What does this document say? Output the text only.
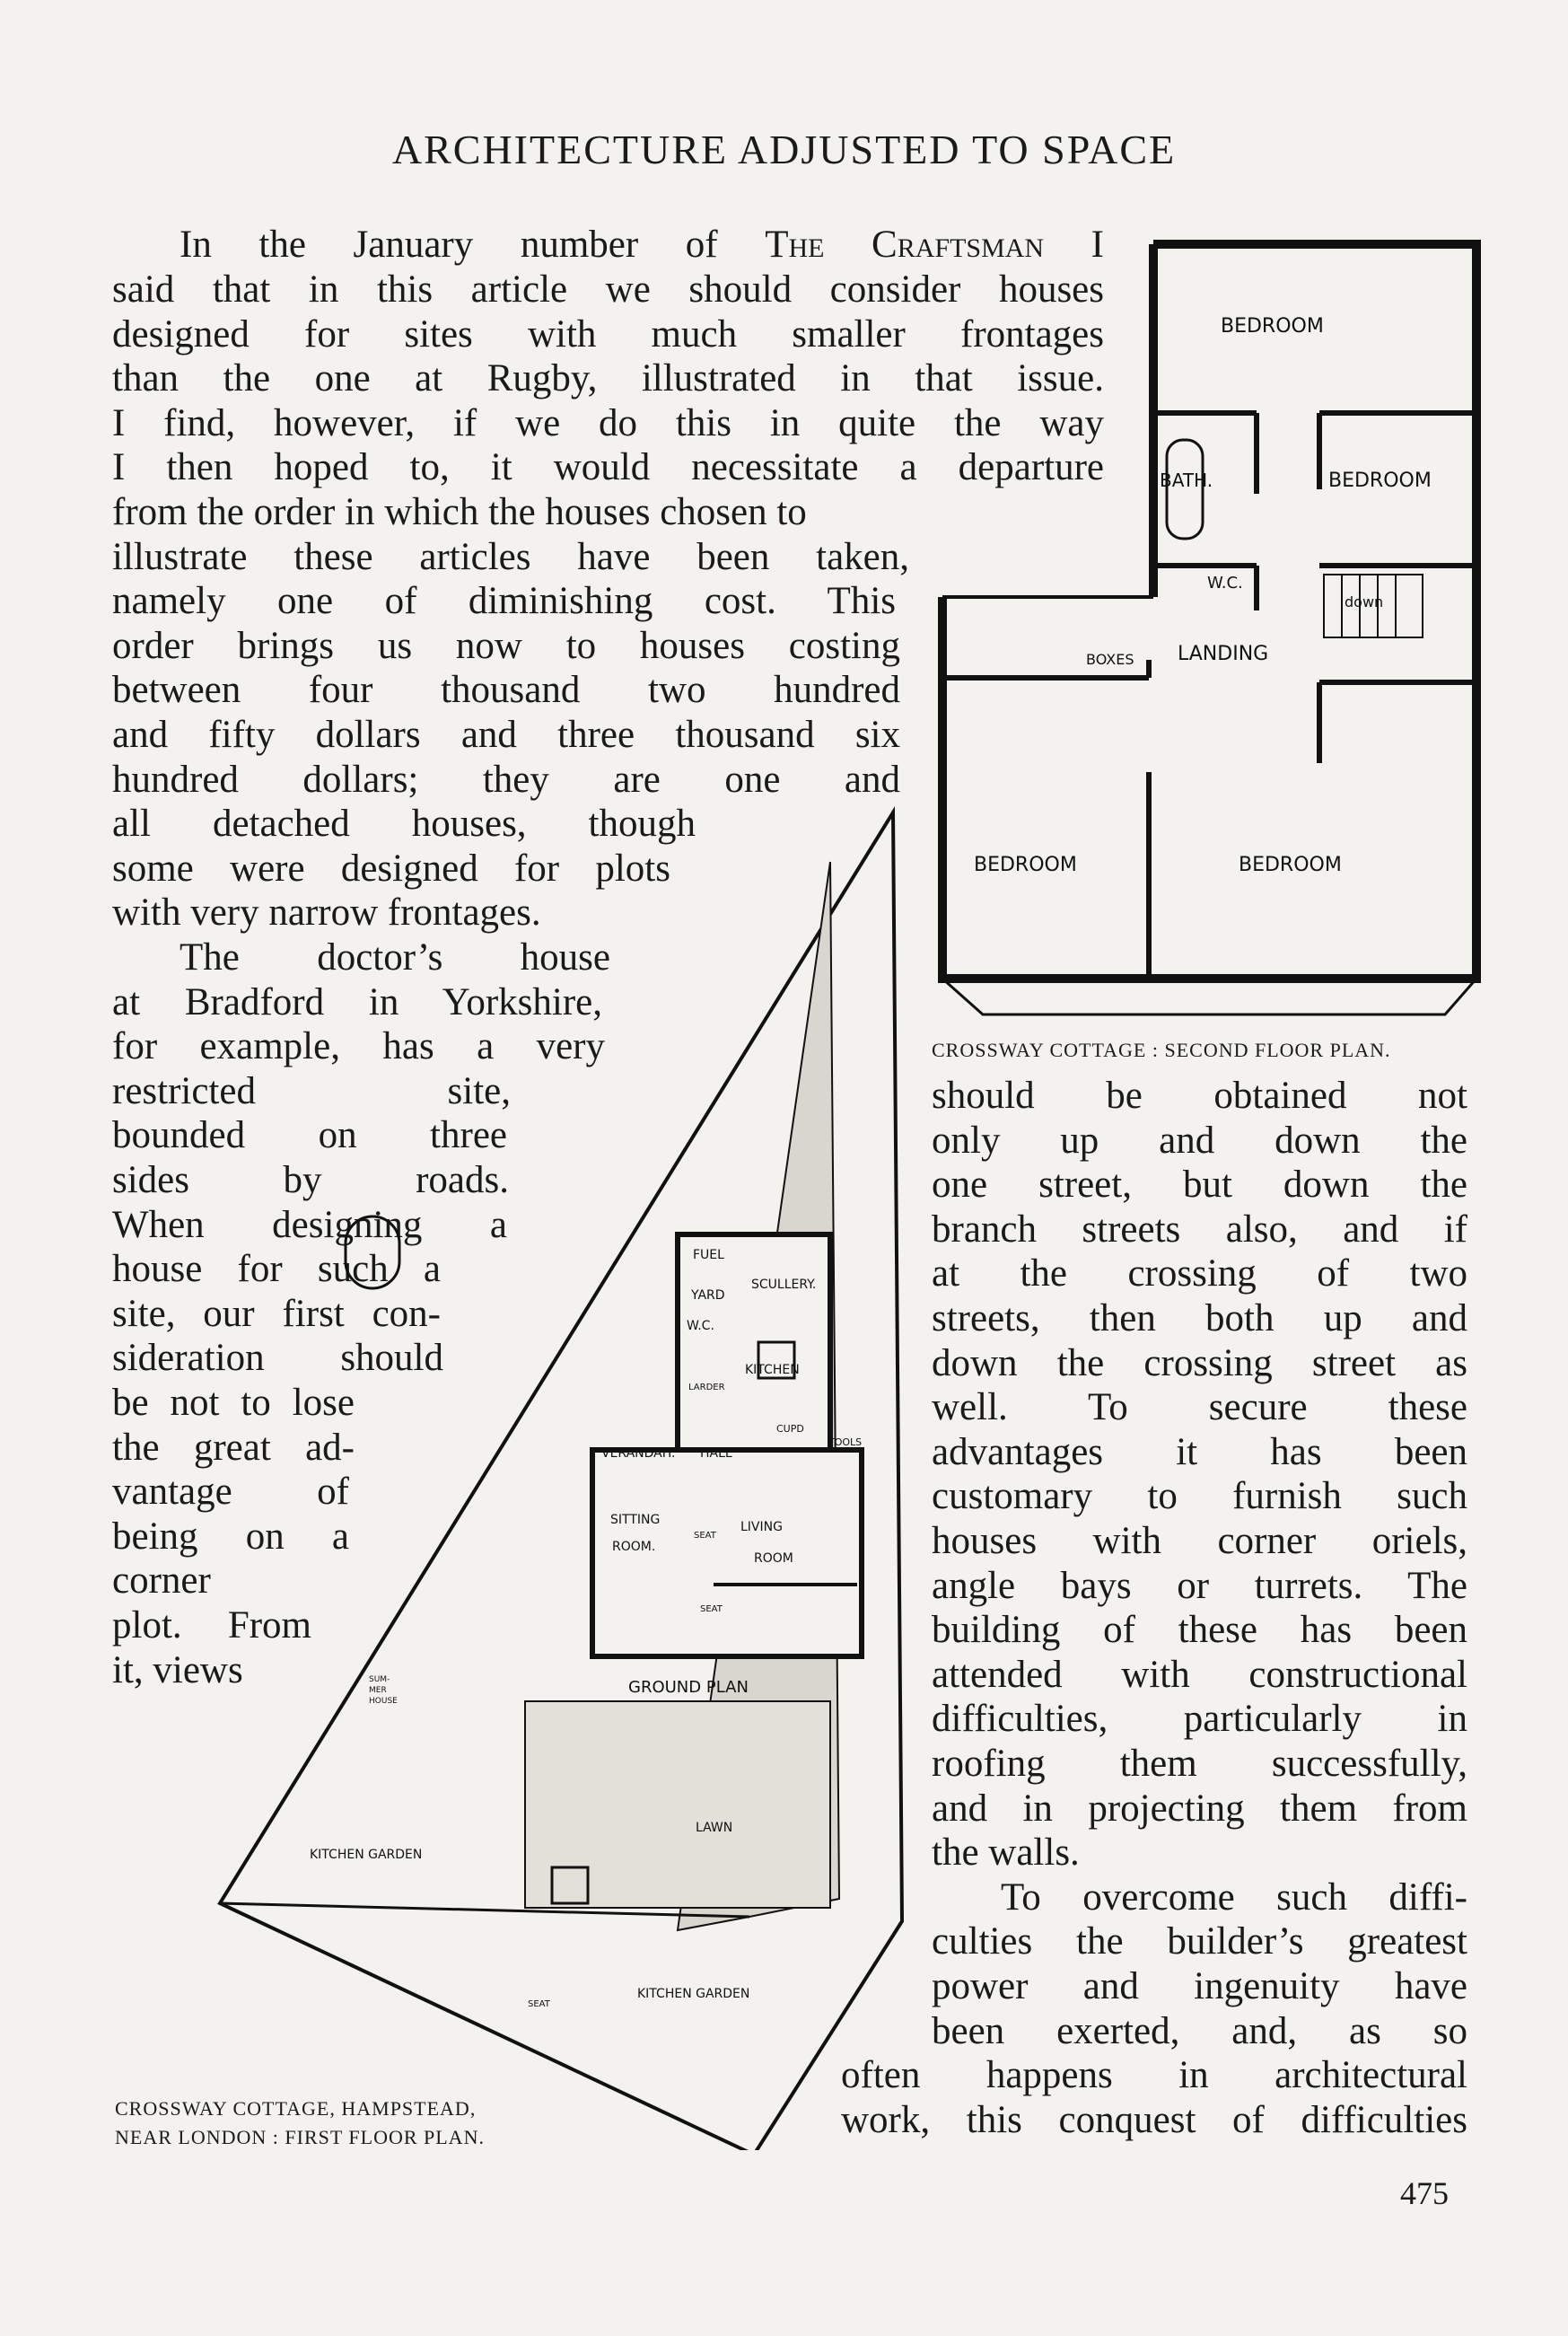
ARCHITECTURE ADJUSTED TO SPACE
In the January number of The Craftsman I
said that in this article we should consider houses
designed for sites with much smaller frontages
than the one at Rugby, illustrated in that issue.
I find, however, if we do this in quite the way
I then hoped to, it would necessitate a departure
from the order in which the houses chosen to
illustrate these articles have been taken,
namely one of diminishing cost. This
order brings us now to houses costing
between four thousand two hundred
and fifty dollars and three thousand six
hundred dollars; they are one and
all detached houses, though
some were designed for plots
with very narrow frontages.
The doctor’s house
at Bradford in Yorkshire,
for example, has a very
restricted site,
bounded on three
sides by roads.
When designing a
house for such a
site, our first con-
sideration should
be not to lose
the great ad-
vantage of
being on a
corner
plot. From
it, views
should be obtained not
only up and down the
one street, but down the
branch streets also, and if
at the crossing of two
streets, then both up and
down the crossing street as
well. To secure these
advantages it has been
customary to furnish such
houses with corner oriels,
angle bays or turrets. The
building of these has been
attended with constructional
difficulties, particularly in
roofing them successfully,
and in projecting them from
the walls.
To overcome such diffi-
culties the builder’s greatest
power and ingenuity have
been exerted, and, as so
often happens in architectural
work, this conquest of difficulties
BEDROOM
BATH.	BEDROOM
W.C.
down
BOXES LANDING
BEDROOM	BEDROOM
CROSSWAY COTTAGE : SECOND FLOOR PLAN.
FUEL
YARD
SCULLERY.
W.C.
KITCHEN
LARDER
CUPD
TOOLS
VERANDAH. HALL
SITTING
ROOM.
SEAT
LIVING
ROOM
SEAT
GROUND PLAN
SUM-
MER
HOUSE
LAWN
KITCHEN GARDEN
KITCHEN GARDEN
SEAT
CROSSWAY COTTAGE, HAMPSTEAD,
NEAR LONDON : FIRST FLOOR PLAN.
475
